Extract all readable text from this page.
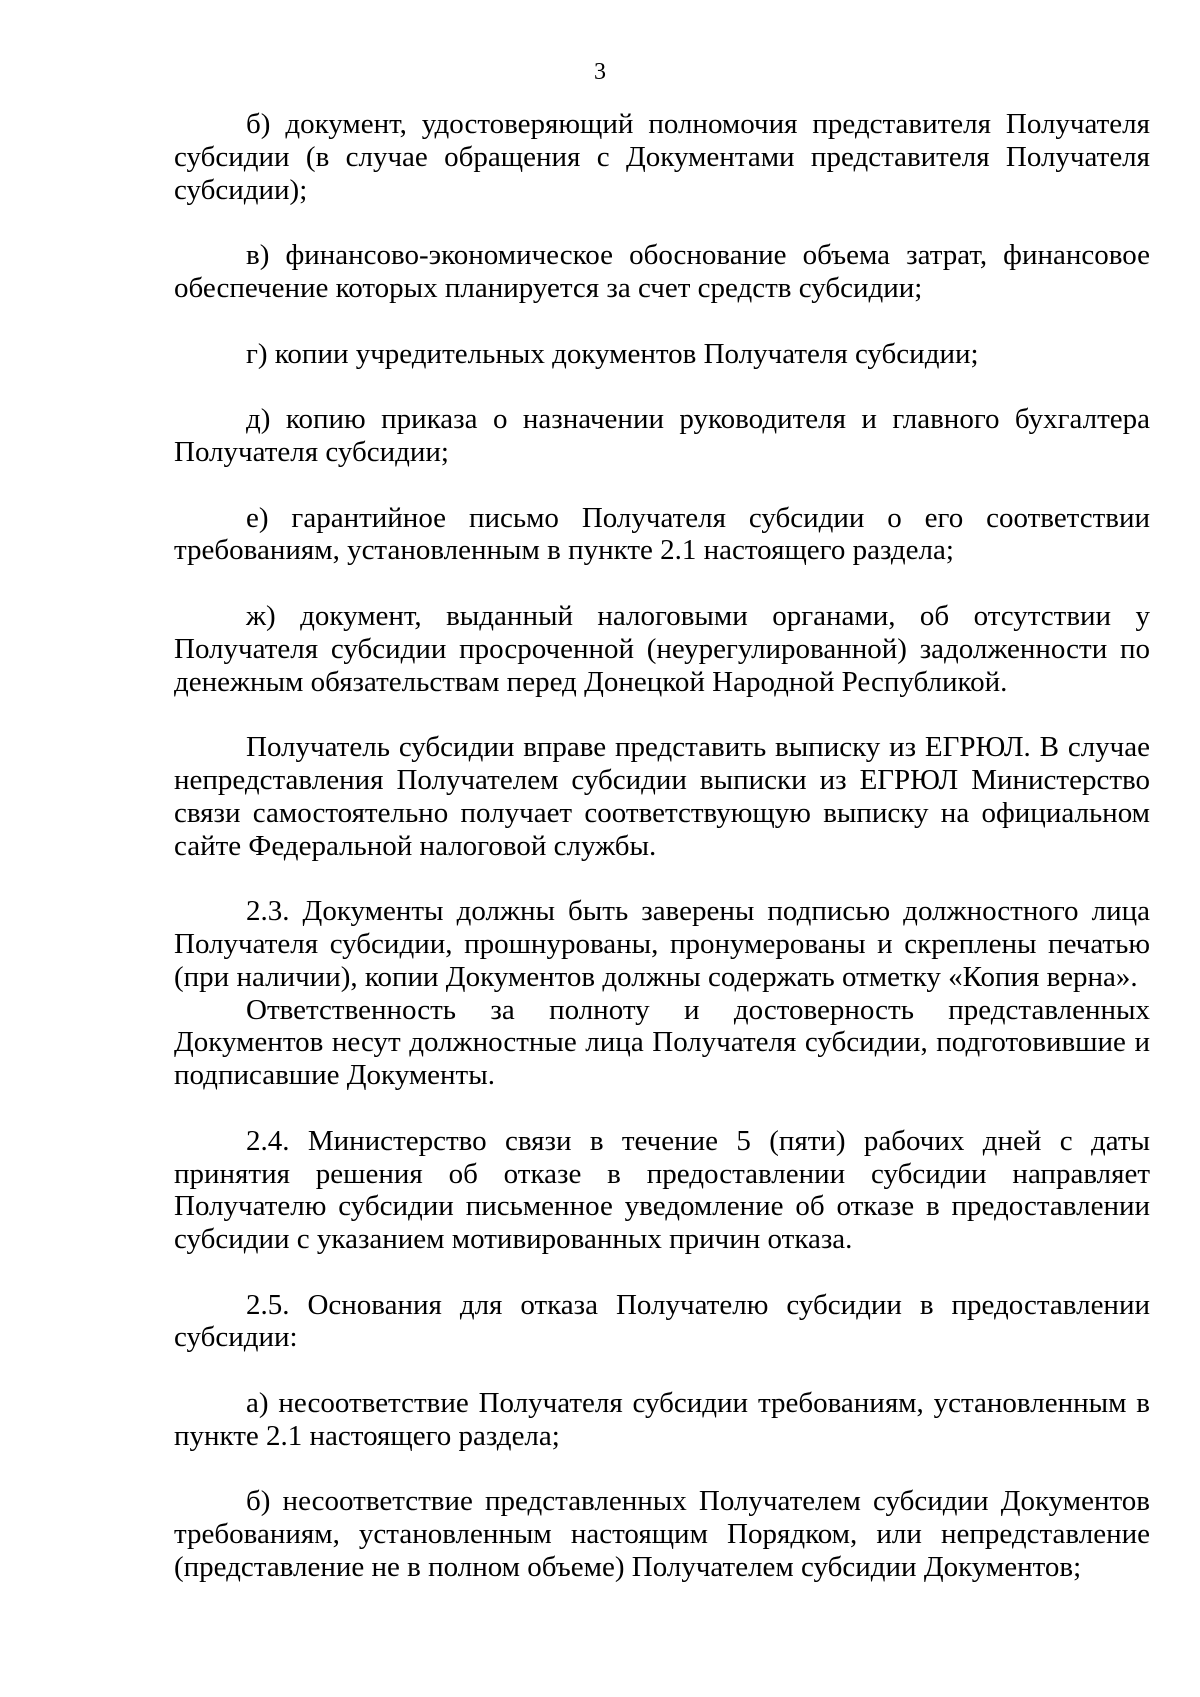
3

б) документ, удостоверяющий полномочия представителя Получателя субсидии (в случае обращения с Документами представителя Получателя субсидии);

в) финансово-экономическое обоснование объема затрат, финансовое обеспечение которых планируется за счет средств субсидии;

г) копии учредительных документов Получателя субсидии;

д) копию приказа о назначении руководителя и главного бухгалтера Получателя субсидии;

е) гарантийное письмо Получателя субсидии о его соответствии требованиям, установленным в пункте 2.1 настоящего раздела;

ж) документ, выданный налоговыми органами, об отсутствии у Получателя субсидии просроченной (неурегулированной) задолженности по денежным обязательствам перед Донецкой Народной Республикой.

Получатель субсидии вправе представить выписку из ЕГРЮЛ. В случае непредставления Получателем субсидии выписки из ЕГРЮЛ Министерство связи самостоятельно получает соответствующую выписку на официальном сайте Федеральной налоговой службы.

2.3. Документы должны быть заверены подписью должностного лица Получателя субсидии, прошнурованы, пронумерованы и скреплены печатью (при наличии), копии Документов должны содержать отметку «Копия верна».

Ответственность за полноту и достоверность представленных Документов несут должностные лица Получателя субсидии, подготовившие и подписавшие Документы.

2.4. Министерство связи в течение 5 (пяти) рабочих дней с даты принятия решения об отказе в предоставлении субсидии направляет Получателю субсидии письменное уведомление об отказе в предоставлении субсидии с указанием мотивированных причин отказа.

2.5. Основания для отказа Получателю субсидии в предоставлении субсидии:

а) несоответствие Получателя субсидии требованиям, установленным в пункте 2.1 настоящего раздела;

б) несоответствие представленных Получателем субсидии Документов требованиям, установленным настоящим Порядком, или непредставление (представление не в полном объеме) Получателем субсидии Документов;
